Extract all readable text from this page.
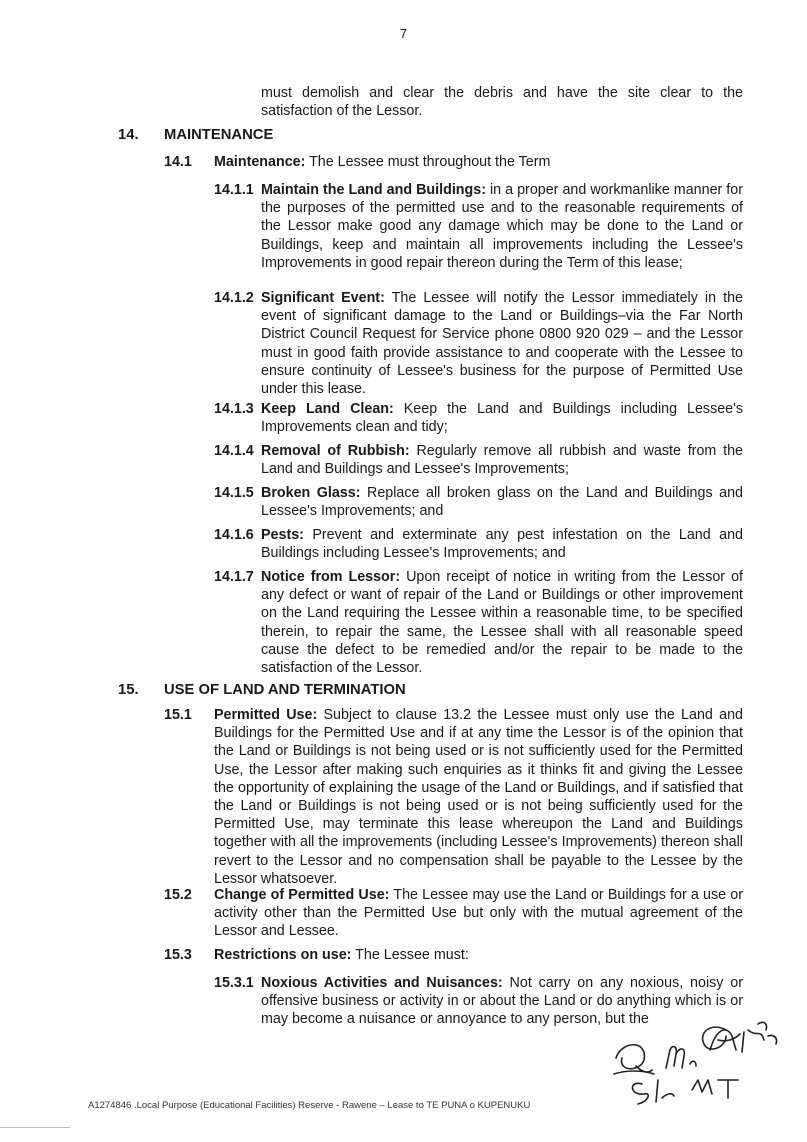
7
must demolish and clear the debris and have the site clear to the satisfaction of the Lessor.
14. MAINTENANCE
14.1 Maintenance: The Lessee must throughout the Term
14.1.1 Maintain the Land and Buildings: in a proper and workmanlike manner for the purposes of the permitted use and to the reasonable requirements of the Lessor make good any damage which may be done to the Land or Buildings, keep and maintain all improvements including the Lessee's Improvements in good repair thereon during the Term of this lease;
14.1.2 Significant Event: The Lessee will notify the Lessor immediately in the event of significant damage to the Land or Buildings–via the Far North District Council Request for Service phone 0800 920 029 – and the Lessor must in good faith provide assistance to and cooperate with the Lessee to ensure continuity of Lessee's business for the purpose of Permitted Use under this lease.
14.1.3 Keep Land Clean: Keep the Land and Buildings including Lessee's Improvements clean and tidy;
14.1.4 Removal of Rubbish: Regularly remove all rubbish and waste from the Land and Buildings and Lessee's Improvements;
14.1.5 Broken Glass: Replace all broken glass on the Land and Buildings and Lessee's Improvements; and
14.1.6 Pests: Prevent and exterminate any pest infestation on the Land and Buildings including Lessee's Improvements; and
14.1.7 Notice from Lessor: Upon receipt of notice in writing from the Lessor of any defect or want of repair of the Land or Buildings or other improvement on the Land requiring the Lessee within a reasonable time, to be specified therein, to repair the same, the Lessee shall with all reasonable speed cause the defect to be remedied and/or the repair to be made to the satisfaction of the Lessor.
15. USE OF LAND AND TERMINATION
15.1 Permitted Use: Subject to clause 13.2 the Lessee must only use the Land and Buildings for the Permitted Use and if at any time the Lessor is of the opinion that the Land or Buildings is not being used or is not sufficiently used for the Permitted Use, the Lessor after making such enquiries as it thinks fit and giving the Lessee the opportunity of explaining the usage of the Land or Buildings, and if satisfied that the Land or Buildings is not being used or is not being sufficiently used for the Permitted Use, may terminate this lease whereupon the Land and Buildings together with all the improvements (including Lessee's Improvements) thereon shall revert to the Lessor and no compensation shall be payable to the Lessee by the Lessor whatsoever.
15.2 Change of Permitted Use: The Lessee may use the Land or Buildings for a use or activity other than the Permitted Use but only with the mutual agreement of the Lessor and Lessee.
15.3 Restrictions on use: The Lessee must:
15.3.1 Noxious Activities and Nuisances: Not carry on any noxious, noisy or offensive business or activity in or about the Land or do anything which is or may become a nuisance or annoyance to any person, but the
A1274846 .Local Purpose (Educational Facilities) Reserve - Rawene – Lease to TE PUNA o KUPENUKU
